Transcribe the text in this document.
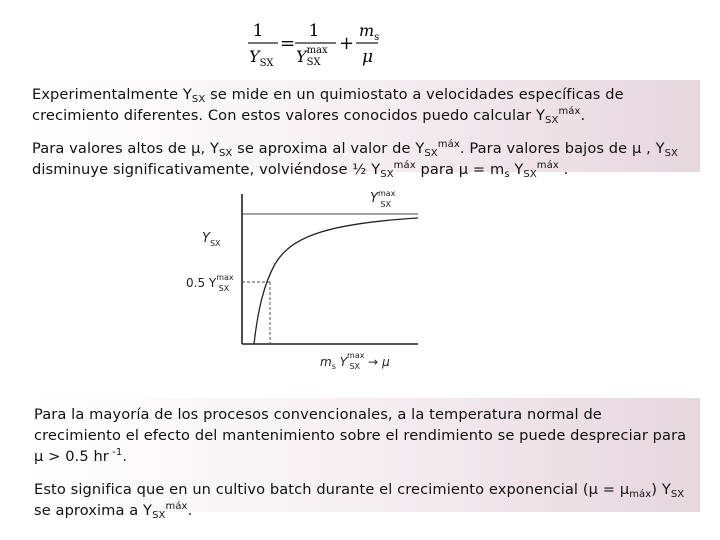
1
$Y_{SX}$
=
1
$Y^{max}$ SX
+
$m_s$
μ

Experimentalmente $Y_{SX}$ se mide en un quimiostato a velocidades específicas de crecimiento diferentes. Con estos valores conocidos puedo calcular $Y_{SX}^{máx}$.

Para valores altos de μ, $Y_{SX}$ se aproxima al valor de $Y_{SX}^{máx}$. Para valores bajos de μ , $Y_{SX}$ disminuye significativamente, volviéndose ½ $Y_{SX}^{máx}$ para $\mu = m_s$ $Y_{SX}^{máx}$ .

$Y^{max}$ SX
$Y_{SX}$
0.5 $Y^{max}$ SX
$m_s$ $Y^{max}$ SX → μ

Para la mayoría de los procesos convencionales, a la temperatura normal de crecimiento el efecto del mantenimiento sobre el rendimiento se puede despreciar para μ > 0.5 hr $^{-1}$.

Esto significa que en un cultivo batch durante el crecimiento exponencial $(\mu = \mu_{máx})$ $Y_{SX}$ se aproxima a $Y_{SX}^{máx}$.
